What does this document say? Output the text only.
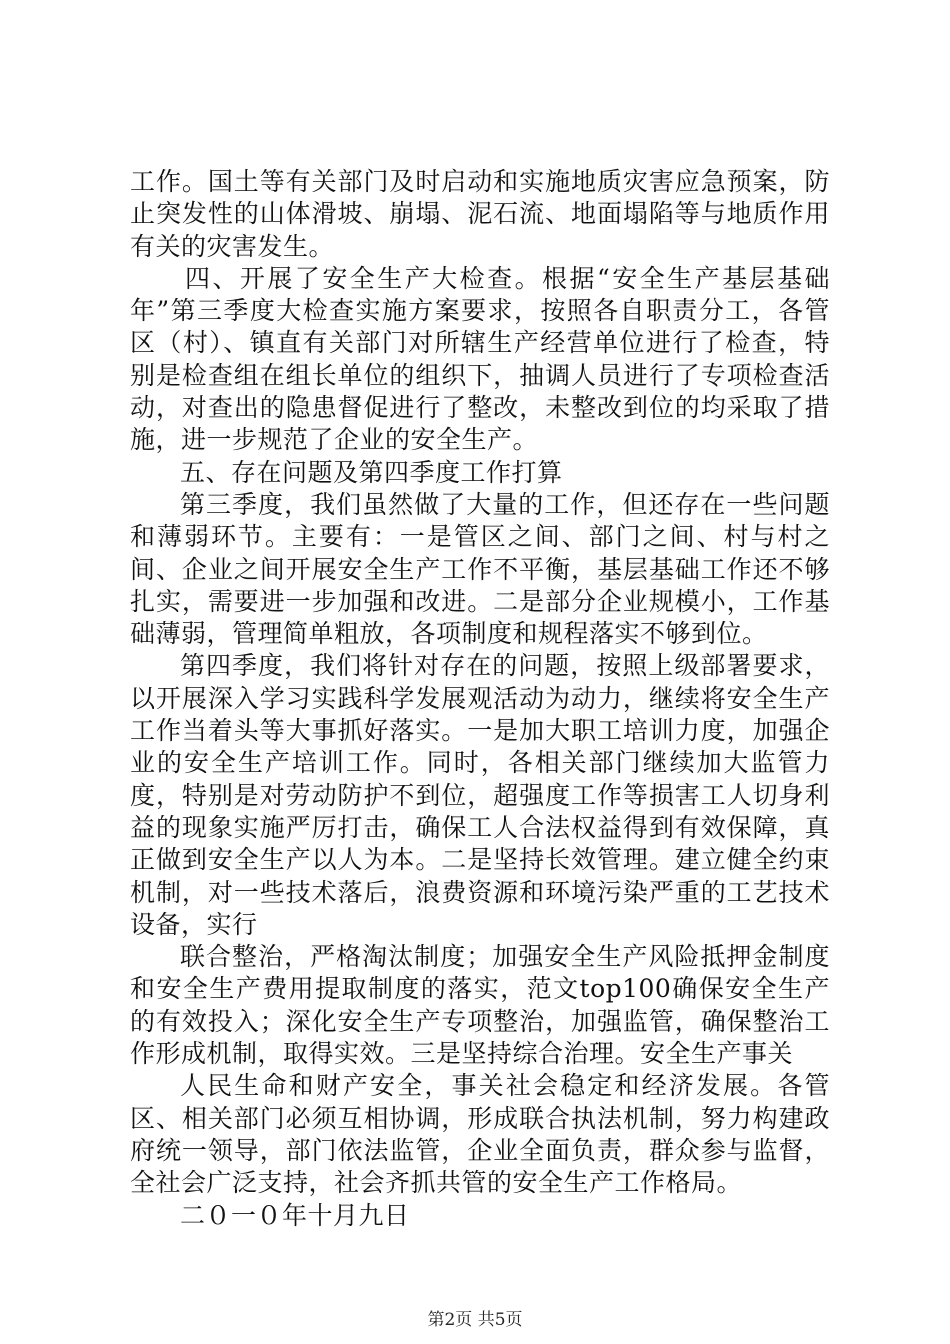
工作。国土等有关部门及时启动和实施地质灾害应急预案，防止突发性的山体滑坡、崩塌、泥石流、地面塌陷等与地质作用有关的灾害发生。

四、开展了安全生产大检查。根据“安全生产基层基础年”第三季度大检查实施方案要求，按照各自职责分工，各管区（村）、镇直有关部门对所辖生产经营单位进行了检查，特别是检查组在组长单位的组织下，抽调人员进行了专项检查活动，对查出的隐患督促进行了整改，未整改到位的均采取了措施，进一步规范了企业的安全生产。

五、存在问题及第四季度工作打算

第三季度，我们虽然做了大量的工作，但还存在一些问题和薄弱环节。主要有：一是管区之间、部门之间、村与村之间、企业之间开展安全生产工作不平衡，基层基础工作还不够扎实，需要进一步加强和改进。二是部分企业规模小，工作基础薄弱，管理简单粗放，各项制度和规程落实不够到位。

第四季度，我们将针对存在的问题，按照上级部署要求，以开展深入学习实践科学发展观活动为动力，继续将安全生产工作当着头等大事抓好落实。一是加大职工培训力度，加强企业的安全生产培训工作。同时，各相关部门继续加大监管力度，特别是对劳动防护不到位，超强度工作等损害工人切身利益的现象实施严厉打击，确保工人合法权益得到有效保障，真正做到安全生产以人为本。二是坚持长效管理。建立健全约束机制，对一些技术落后，浪费资源和环境污染严重的工艺技术设备，实行

联合整治，严格淘汰制度；加强安全生产风险抵押金制度和安全生产费用提取制度的落实，范文top100确保安全生产的有效投入；深化安全生产专项整治，加强监管，确保整治工作形成机制，取得实效。三是坚持综合治理。安全生产事关

人民生命和财产安全，事关社会稳定和经济发展。各管区、相关部门必须互相协调，形成联合执法机制，努力构建政府统一领导，部门依法监管，企业全面负责，群众参与监督，全社会广泛支持，社会齐抓共管的安全生产工作格局。

二０一０年十月九日

第2页 共5页
